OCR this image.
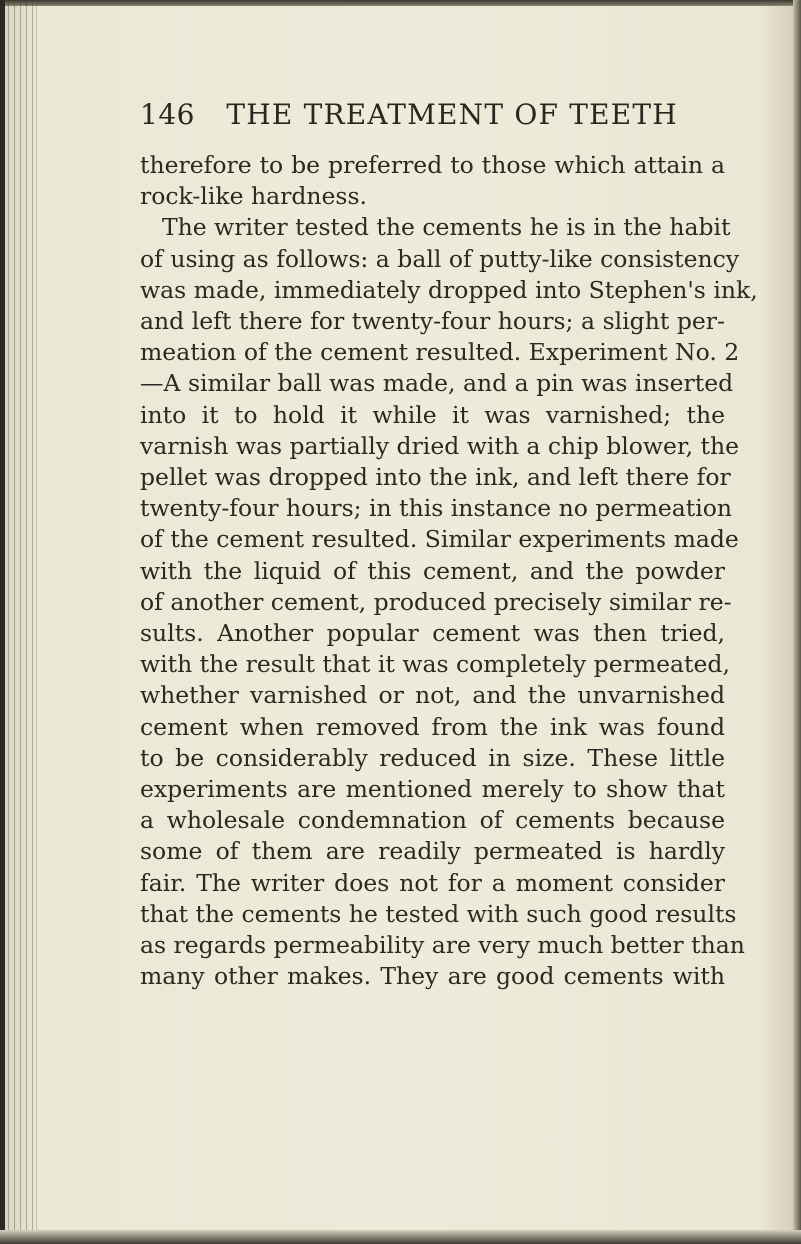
146 THE TREATMENT OF TEETH
therefore to be preferred to those which attain a
rock-like hardness.
The writer tested the cements he is in the habit
of using as follows: a ball of putty-like consistency
was made, immediately dropped into Stephen's ink,
and left there for twenty-four hours; a slight per-
meation of the cement resulted. Experiment No. 2
—A similar ball was made, and a pin was inserted
into it to hold it while it was varnished; the
varnish was partially dried with a chip blower, the
pellet was dropped into the ink, and left there for
twenty-four hours; in this instance no permeation
of the cement resulted. Similar experiments made
with the liquid of this cement, and the powder
of another cement, produced precisely similar re-
sults. Another popular cement was then tried,
with the result that it was completely permeated,
whether varnished or not, and the unvarnished
cement when removed from the ink was found
to be considerably reduced in size. These little
experiments are mentioned merely to show that
a wholesale condemnation of cements because
some of them are readily permeated is hardly
fair. The writer does not for a moment consider
that the cements he tested with such good results
as regards permeability are very much better than
many other makes. They are good cements with
